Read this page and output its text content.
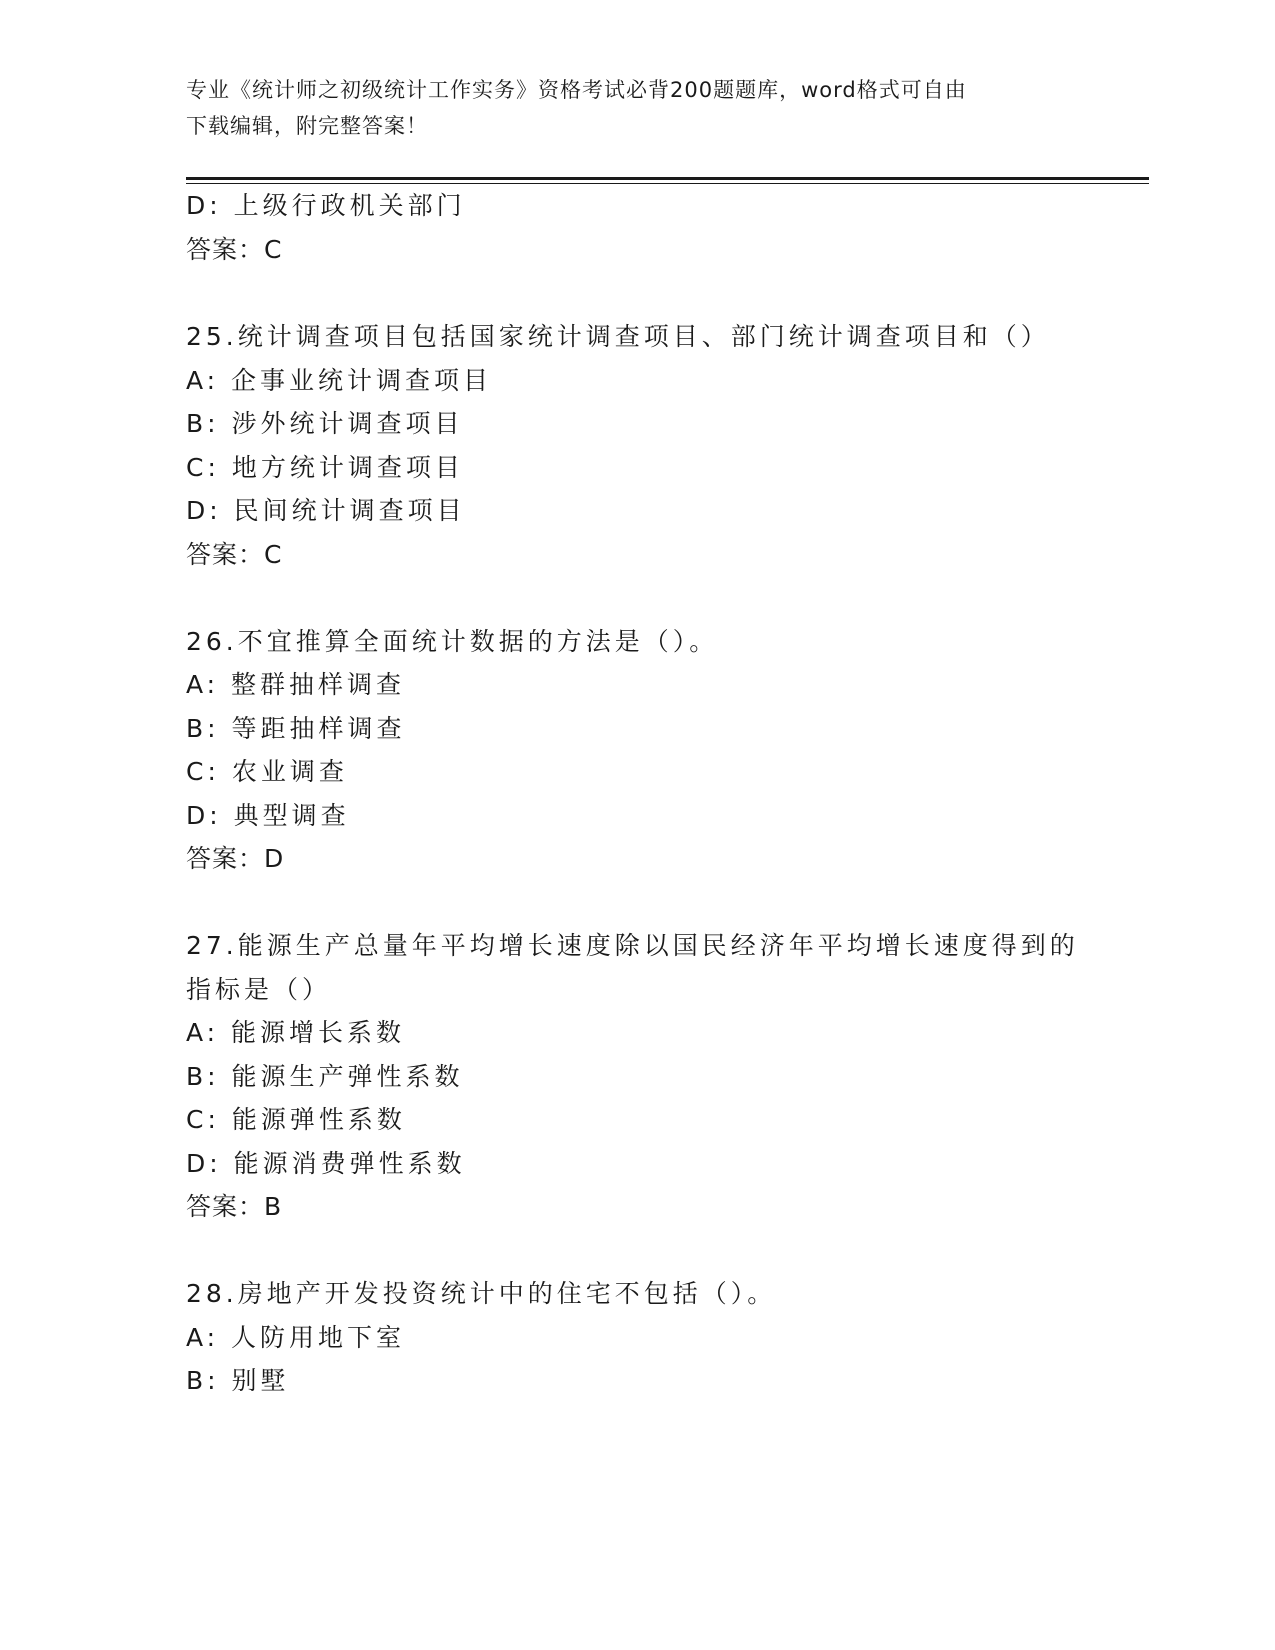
专业《统计师之初级统计工作实务》资格考试必背200题题库，word格式可自由
下载编辑，附完整答案！
D: 上级行政机关部门
答案：C
25.统计调查项目包括国家统计调查项目、部门统计调查项目和（）
A: 企事业统计调查项目
B: 涉外统计调查项目
C: 地方统计调查项目
D: 民间统计调查项目
答案：C
26.不宜推算全面统计数据的方法是（）。
A: 整群抽样调查
B: 等距抽样调查
C: 农业调查
D: 典型调查
答案：D
27.能源生产总量年平均增长速度除以国民经济年平均增长速度得到的
指标是（）
A: 能源增长系数
B: 能源生产弹性系数
C: 能源弹性系数
D: 能源消费弹性系数
答案：B
28.房地产开发投资统计中的住宅不包括（）。
A: 人防用地下室
B: 别墅
